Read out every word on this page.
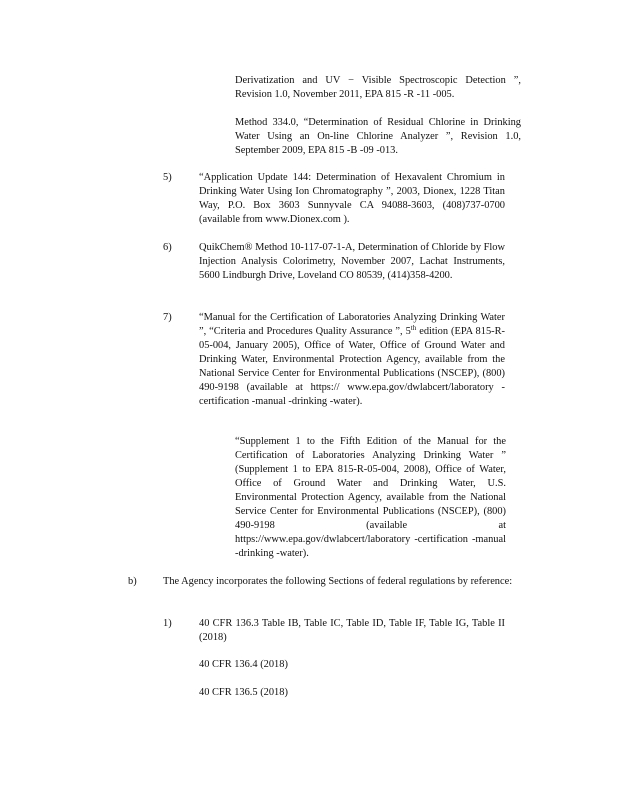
Derivatization and UV − Visible Spectroscopic Detection ”, Revision 1.0, November 2011, EPA 815 -R -11 -005.

Method 334.0, “Determination of Residual Chlorine in Drinking Water Using an On-line Chlorine Analyzer ”, Revision 1.0, September 2009, EPA 815 -B -09 -013.

5)	“Application Update 144: Determination of Hexavalent Chromium in Drinking Water Using Ion Chromatography ”, 2003, Dionex, 1228 Titan Way, P.O. Box 3603 Sunnyvale CA 94088-3603, (408)737-0700 (available from www.Dionex.com ).

6)	QuikChem® Method 10-117-07-1-A, Determination of Chloride by Flow Injection Analysis Colorimetry, November 2007, Lachat Instruments, 5600 Lindburgh Drive, Loveland CO 80539, (414)358-4200.

7)	“Manual for the Certification of Laboratories Analyzing Drinking Water ”, “Criteria and Procedures Quality Assurance ”, 5th edition (EPA 815-R-05-004, January 2005), Office of Water, Office of Ground Water and Drinking Water, Environmental Protection Agency, available from the National Service Center for Environmental Publications (NSCEP), (800) 490-9198 (available at https:// www.epa.gov/dwlabcert/laboratory -certification -manual -drinking -water).

“Supplement 1 to the Fifth Edition of the Manual for the Certification of Laboratories Analyzing Drinking Water ” (Supplement 1 to EPA 815-R-05-004, 2008), Office of Water, Office of Ground Water and Drinking Water, U.S. Environmental Protection Agency, available from the National Service Center for Environmental Publications (NSCEP), (800) 490-9198 (available at https://www.epa.gov/dwlabcert/laboratory -certification -manual -drinking -water).

b)	The Agency incorporates the following Sections of federal regulations by reference:

1)	40 CFR 136.3 Table IB, Table IC, Table ID, Table IF, Table IG, Table II (2018)

40 CFR 136.4 (2018)

40 CFR 136.5 (2018)
